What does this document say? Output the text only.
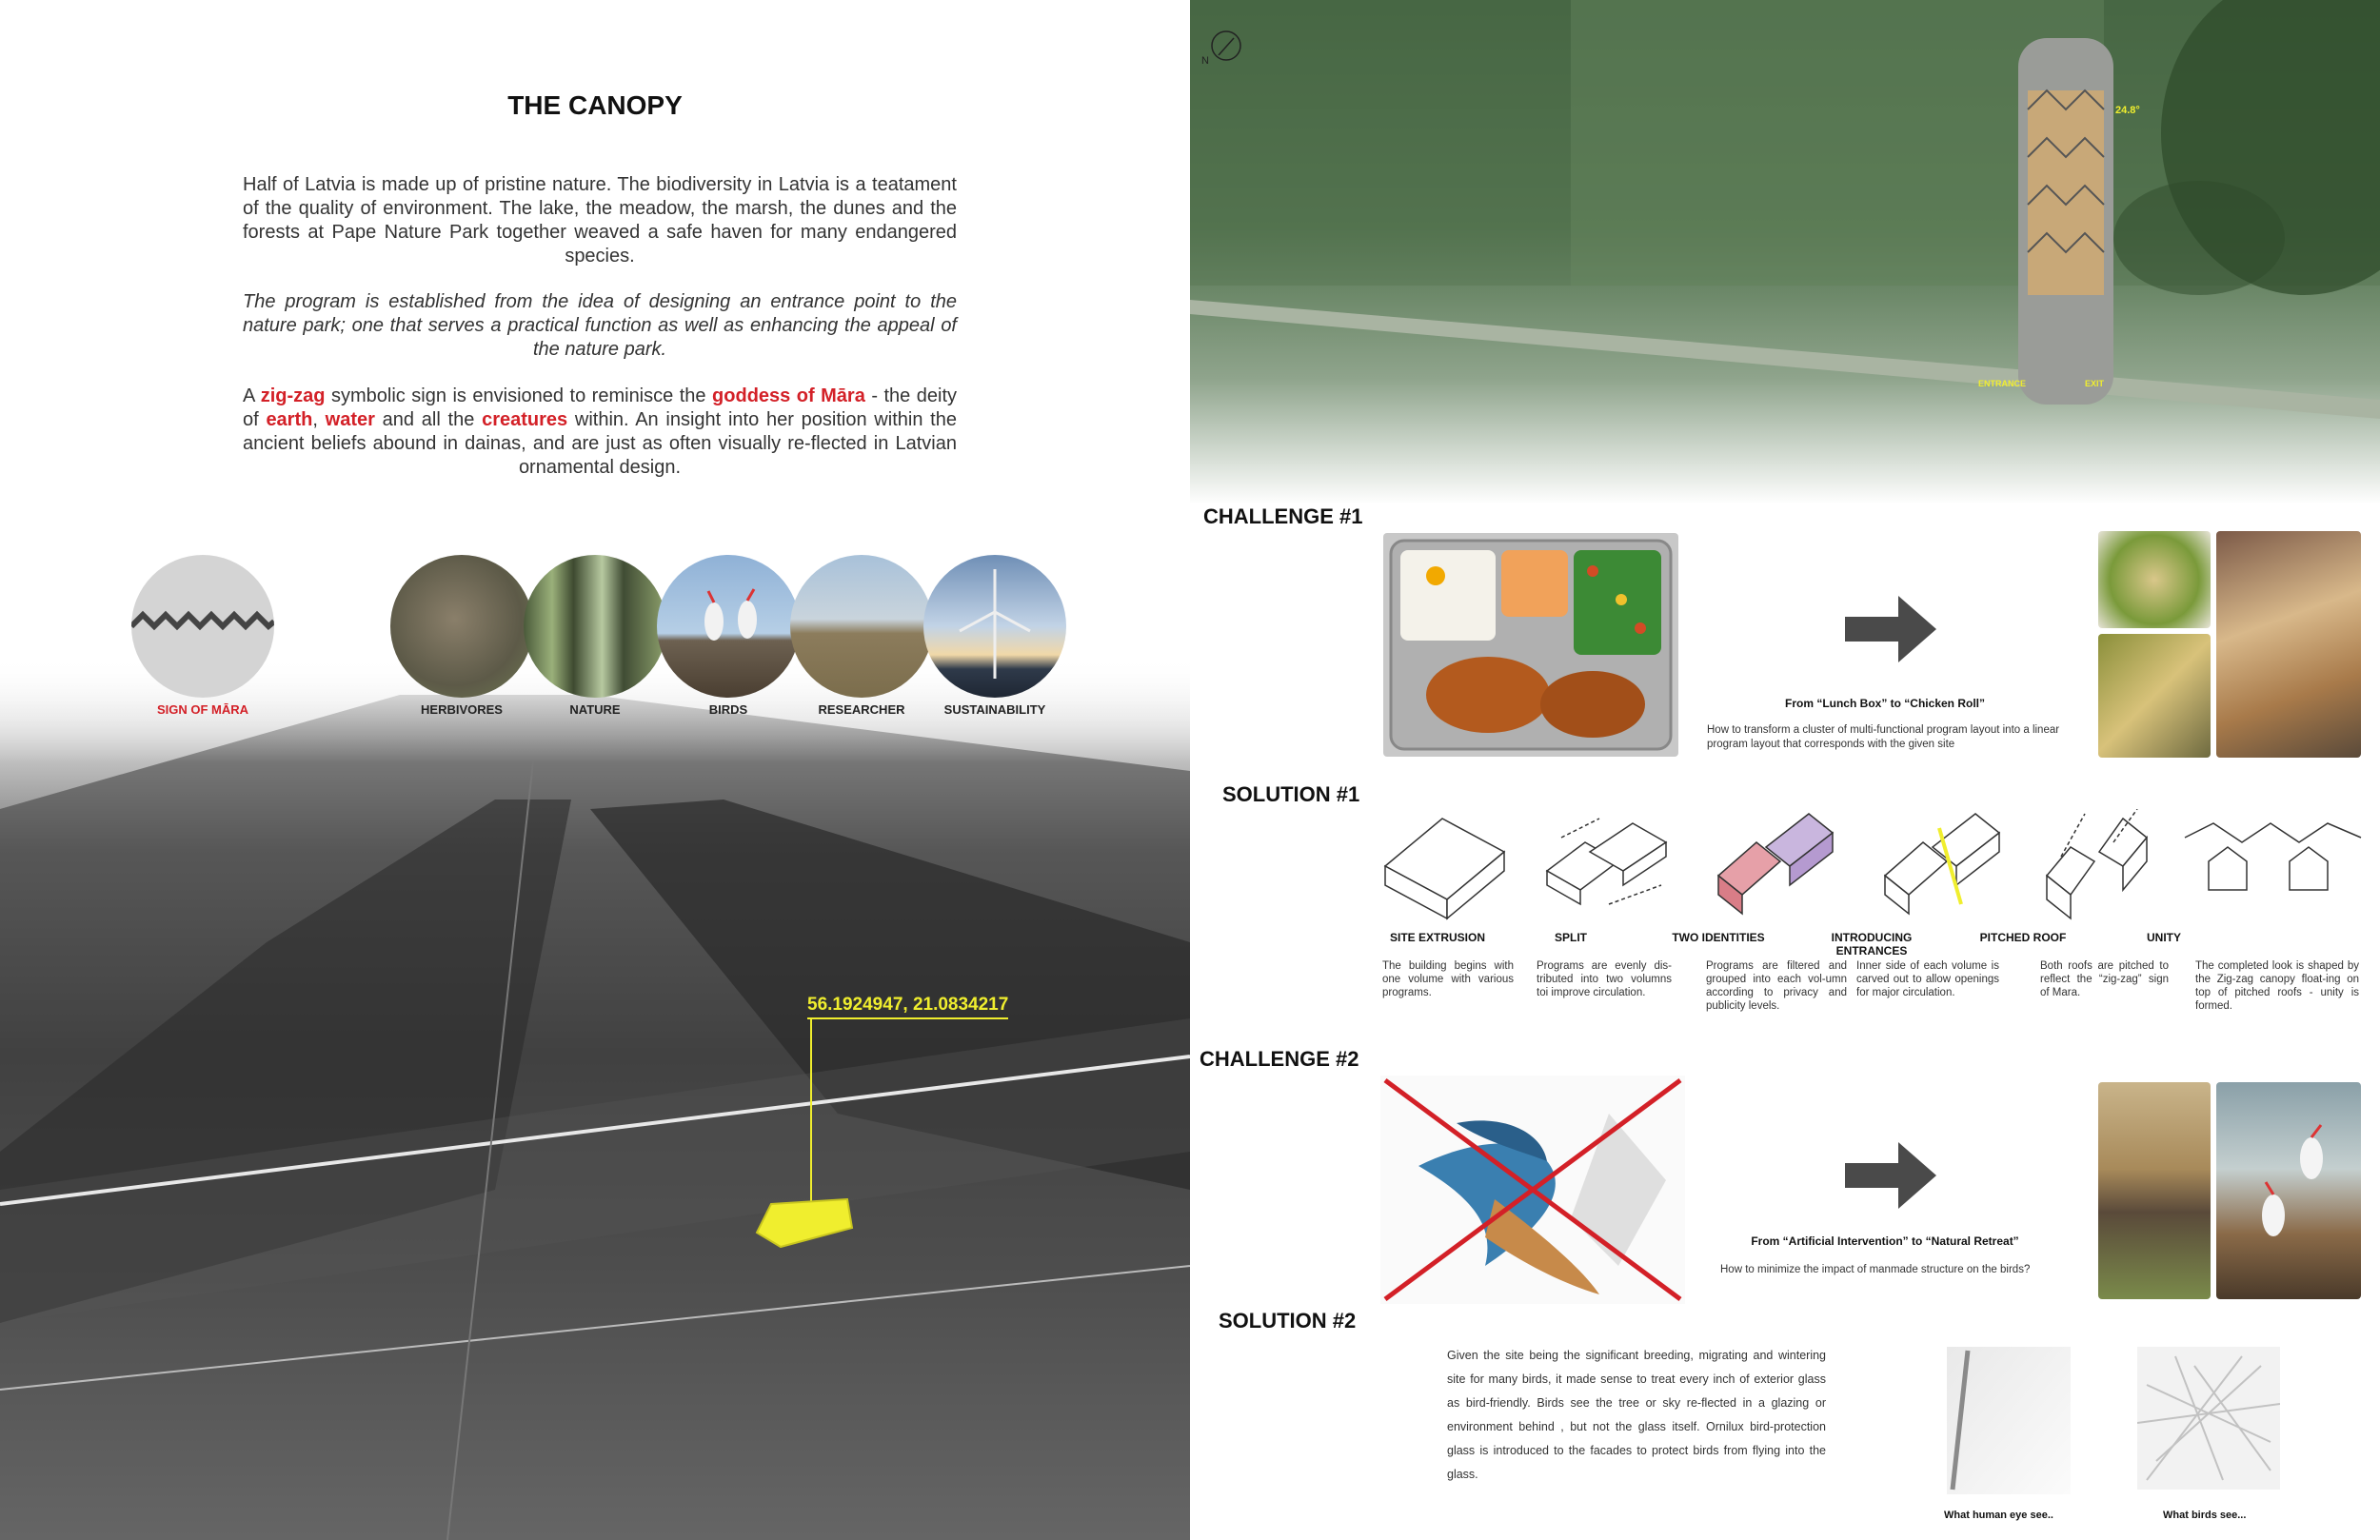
THE CANOPY
Half of Latvia is made up of pristine nature. The biodiversity in Latvia is a teatament of the quality of environment. The lake, the meadow, the marsh, the dunes and the forests at Pape Nature Park together weaved a safe haven for many endangered species.
The program is established from the idea of designing an entrance point to the nature park; one that serves a practical function as well as enhancing the appeal of the nature park.
A zig-zag symbolic sign is envisioned to reminisce the goddess of Māra - the deity of earth, water and all the creatures within. An insight into her position within the ancient beliefs abound in dainas, and are just as often visually re-flected in Latvian ornamental design.
SIGN OF MĀRA	HERBIVORES	NATURE	BIRDS	RESEARCHER	SUSTAINABILITY
56.1924947, 21.0834217
N
24.8°
ENTRANCE	EXIT
CHALLENGE #1
From “Lunch Box” to “Chicken Roll”
How to transform a cluster of multi-functional program layout into a linear program layout that corresponds with the given site
SOLUTION #1
SITE EXTRUSION	SPLIT	TWO IDENTITIES	INTRODUCING ENTRANCES
PITCHED ROOF	UNITY
The building begins with one volume with various programs.
Programs are evenly dis-tributed into two volumns toi improve circulation.
Programs are filtered and grouped into each vol-umn according to privacy and publicity levels.
Inner side of each volume is carved out to allow openings for major circulation.
Both roofs are pitched to reflect the “zig-zag” sign of Mara.
The completed look is shaped by the Zig-zag canopy float-ing on top of pitched roofs - unity is formed.
CHALLENGE #2
From “Artificial Intervention” to “Natural Retreat”
How to minimize the impact of manmade structure on the birds?
SOLUTION #2
Given the site being the significant breeding, migrating and wintering site for many birds, it made sense to treat every inch of exterior glass as bird-friendly. Birds see the tree or sky re-flected in a glazing or environment behind , but not the glass itself. Ornilux bird-protection glass is introduced to the facades to protect birds from flying into the glass.
What human eye see..	What birds see...
